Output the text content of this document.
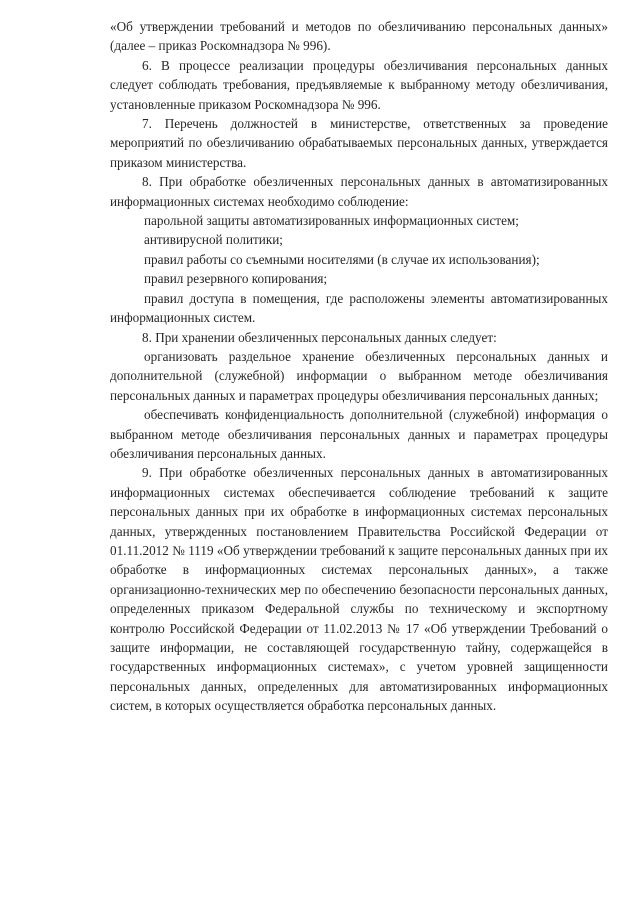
«Об утверждении требований и методов по обезличиванию персональных данных» (далее – приказ Роскомнадзора № 996).

6. В процессе реализации процедуры обезличивания персональных данных следует соблюдать требования, предъявляемые к выбранному методу обезличивания, установленные приказом Роскомнадзора № 996.

7. Перечень должностей в министерстве, ответственных за проведение мероприятий по обезличиванию обрабатываемых персональных данных, утверждается приказом министерства.

8. При обработке обезличенных персональных данных в автоматизированных информационных системах необходимо соблюдение:

парольной защиты автоматизированных информационных систем;

антивирусной политики;

правил работы со съемными носителями (в случае их использования);

правил резервного копирования;

правил доступа в помещения, где расположены элементы автоматизированных информационных систем.

8. При хранении обезличенных персональных данных следует:

организовать раздельное хранение обезличенных персональных данных и дополнительной (служебной) информации о выбранном методе обезличивания персональных данных и параметрах процедуры обезличивания персональных данных;

обеспечивать конфиденциальность дополнительной (служебной) информация о выбранном методе обезличивания персональных данных и параметрах процедуры обезличивания персональных данных.

9. При обработке обезличенных персональных данных в автоматизированных информационных системах обеспечивается соблюдение требований к защите персональных данных при их обработке в информационных системах персональных данных, утвержденных постановлением Правительства Российской Федерации от 01.11.2012 № 1119 «Об утверждении требований к защите персональных данных при их обработке в информационных системах персональных данных», а также организационно-технических мер по обеспечению безопасности персональных данных, определенных приказом Федеральной службы по техническому и экспортному контролю Российской Федерации от 11.02.2013 № 17 «Об утверждении Требований о защите информации, не составляющей государственную тайну, содержащейся в государственных информационных системах», с учетом уровней защищенности персональных данных, определенных для автоматизированных информационных систем, в которых осуществляется обработка персональных данных.
